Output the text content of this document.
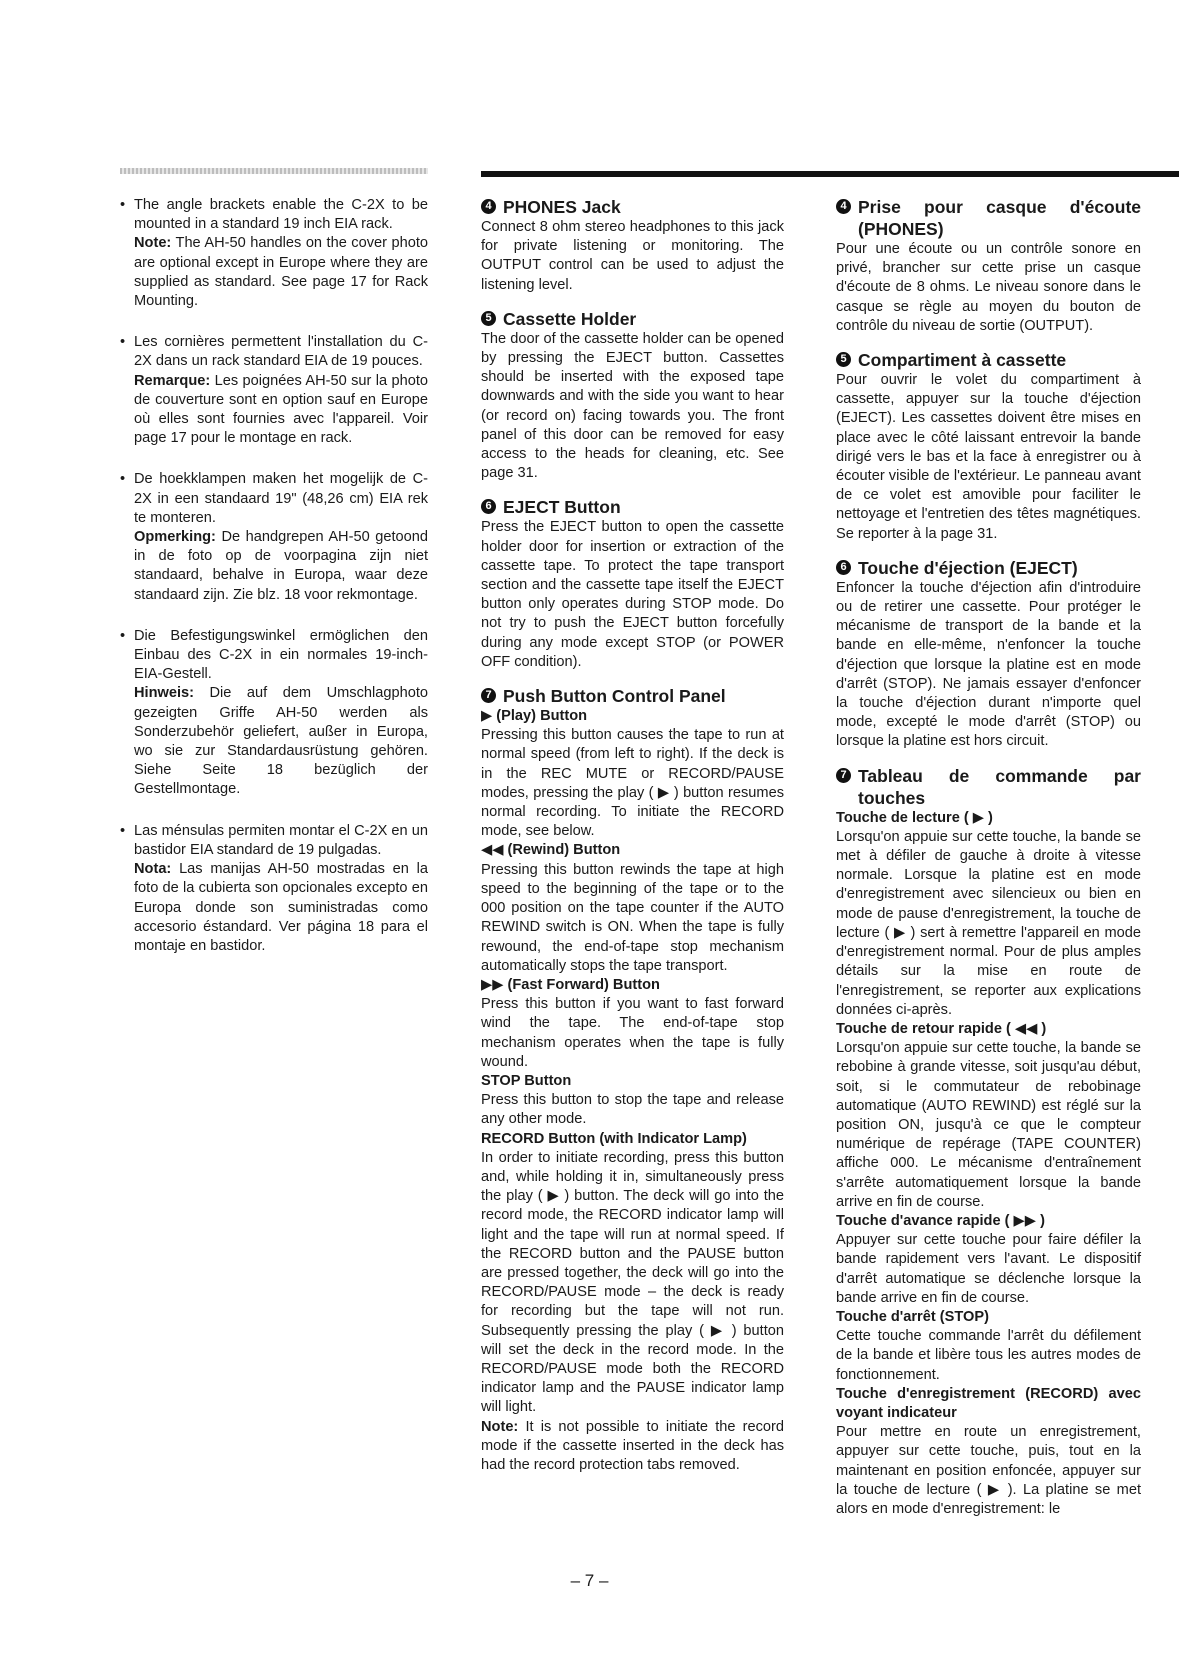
• The angle brackets enable the C-2X to be mounted in a standard 19 inch EIA rack.

Note: The AH-50 handles on the cover photo are optional except in Europe where they are supplied as standard. See page 17 for Rack Mounting.

• Les cornières permettent l'installation du C-2X dans un rack standard EIA de 19 pouces.

Remarque: Les poignées AH-50 sur la photo de couverture sont en option sauf en Europe où elles sont fournies avec l'appareil. Voir page 17 pour le montage en rack.

• De hoekklampen maken het mogelijk de C-2X in een standaard 19" (48,26 cm) EIA rek te monteren.

Opmerking: De handgrepen AH-50 getoond in de foto op de voorpagina zijn niet standaard, behalve in Europa, waar deze standaard zijn. Zie blz. 18 voor rekmontage.

• Die Befestigungswinkel ermöglichen den Einbau des C-2X in ein normales 19-inch-EIA-Gestell.

Hinweis: Die auf dem Umschlagphoto gezeigten Griffe AH-50 werden als Sonderzubehör geliefert, außer in Europa, wo sie zur Standardausrüstung gehören. Siehe Seite 18 bezüglich der Gestellmontage.

• Las ménsulas permiten montar el C-2X en un bastidor EIA standard de 19 pulgadas.

Nota: Las manijas AH-50 mostradas en la foto de la cubierta son opcionales excepto en Europa donde son suministradas como accesorio éstandard. Ver página 18 para el montaje en bastidor.

4 PHONES Jack

Connect 8 ohm stereo headphones to this jack for private listening or monitoring. The OUTPUT control can be used to adjust the listening level.

5 Cassette Holder

The door of the cassette holder can be opened by pressing the EJECT button. Cassettes should be inserted with the exposed tape downwards and with the side you want to hear (or record on) facing towards you. The front panel of this door can be removed for easy access to the heads for cleaning, etc. See page 31.

6 EJECT Button

Press the EJECT button to open the cassette holder door for insertion or extraction of the cassette tape. To protect the tape transport section and the cassette tape itself the EJECT button only operates during STOP mode. Do not try to push the EJECT button forcefully during any mode except STOP (or POWER OFF condition).

7 Push Button Control Panel

▶ (Play) Button

Pressing this button causes the tape to run at normal speed (from left to right). If the deck is in the REC MUTE or RECORD/PAUSE modes, pressing the play ( ▶ ) button resumes normal recording. To initiate the RECORD mode, see below.

◀◀ (Rewind) Button

Pressing this button rewinds the tape at high speed to the beginning of the tape or to the 000 position on the tape counter if the AUTO REWIND switch is ON. When the tape is fully rewound, the end-of-tape stop mechanism automatically stops the tape transport.

▶▶ (Fast Forward) Button

Press this button if you want to fast forward wind the tape. The end-of-tape stop mechanism operates when the tape is fully wound.

STOP Button

Press this button to stop the tape and release any other mode.

RECORD Button (with Indicator Lamp)

In order to initiate recording, press this button and, while holding it in, simultaneously press the play ( ▶ ) button. The deck will go into the record mode, the RECORD indicator lamp will light and the tape will run at normal speed. If the RECORD button and the PAUSE button are pressed together, the deck will go into the RECORD/PAUSE mode – the deck is ready for recording but the tape will not run. Subsequently pressing the play ( ▶ ) button will set the deck in the record mode. In the RECORD/PAUSE mode both the RECORD indicator lamp and the PAUSE indicator lamp will light.

Note: It is not possible to initiate the record mode if the cassette inserted in the deck has had the record protection tabs removed.

4 Prise pour casque d'écoute (PHONES)

Pour une écoute ou un contrôle sonore en privé, brancher sur cette prise un casque d'écoute de 8 ohms. Le niveau sonore dans le casque se règle au moyen du bouton de contrôle du niveau de sortie (OUTPUT).

5 Compartiment à cassette

Pour ouvrir le volet du compartiment à cassette, appuyer sur la touche d'éjection (EJECT). Les cassettes doivent être mises en place avec le côté laissant entrevoir la bande dirigé vers le bas et la face à enregistrer ou à écouter visible de l'extérieur. Le panneau avant de ce volet est amovible pour faciliter le nettoyage et l'entretien des têtes magnétiques. Se reporter à la page 31.

6 Touche d'éjection (EJECT)

Enfoncer la touche d'éjection afin d'introduire ou de retirer une cassette. Pour protéger le mécanisme de transport de la bande et la bande en elle-même, n'enfoncer la touche d'éjection que lorsque la platine est en mode d'arrêt (STOP). Ne jamais essayer d'enfoncer la touche d'éjection durant n'importe quel mode, excepté le mode d'arrêt (STOP) ou lorsque la platine est hors circuit.

7 Tableau de commande par touches

Touche de lecture ( ▶ )

Lorsqu'on appuie sur cette touche, la bande se met à défiler de gauche à droite à vitesse normale. Lorsque la platine est en mode d'enregistrement avec silencieux ou bien en mode de pause d'enregistrement, la touche de lecture ( ▶ ) sert à remettre l'appareil en mode d'enregistrement normal. Pour de plus amples détails sur la mise en route de l'enregistrement, se reporter aux explications données ci-après.

Touche de retour rapide ( ◀◀ )

Lorsqu'on appuie sur cette touche, la bande se rebobine à grande vitesse, soit jusqu'au début, soit, si le commutateur de rebobinage automatique (AUTO REWIND) est réglé sur la position ON, jusqu'à ce que le compteur numérique de repérage (TAPE COUNTER) affiche 000. Le mécanisme d'entraînement s'arrête automatiquement lorsque la bande arrive en fin de course.

Touche d'avance rapide ( ▶▶ )

Appuyer sur cette touche pour faire défiler la bande rapidement vers l'avant. Le dispositif d'arrêt automatique se déclenche lorsque la bande arrive en fin de course.

Touche d'arrêt (STOP)

Cette touche commande l'arrêt du défilement de la bande et libère tous les autres modes de fonctionnement.

Touche d'enregistrement (RECORD) avec voyant indicateur

Pour mettre en route un enregistrement, appuyer sur cette touche, puis, tout en la maintenant en position enfoncée, appuyer sur la touche de lecture ( ▶ ). La platine se met alors en mode d'enregistrement: le

– 7 –
